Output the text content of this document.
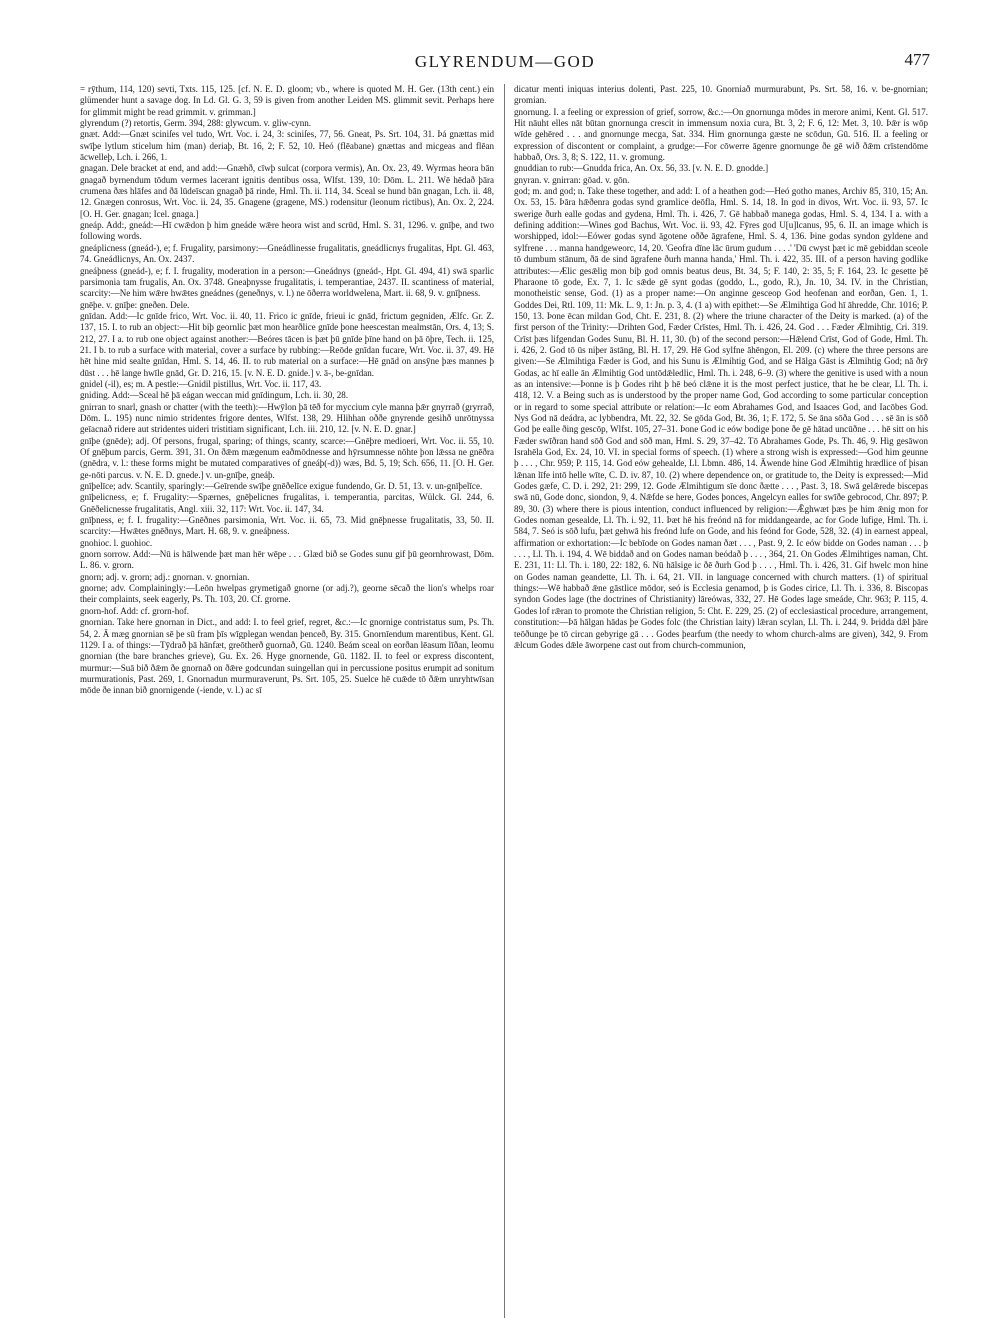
GLYRENDUM—GOD	477

= rȳthum, 114, 120) sevti, Txts. 115, 125. [cf. N. E. D. gloom; vb., where is quoted M. H. Ger. (13th cent.) ein glümender hunt a savage dog. In Ld. Gl. G. 3, 59 is given from another Leiden MS. glimmit sevit. Perhaps here for glimmit might be read grimmit. v. grimman.]

glyrendum (?) retortis, Germ. 394, 288: glywcum. v. gliw-cynn.

gnæt. Add:—Gnæt sciniſes vel tudo, Wrt. Voc. i. 24, 3: sciniſes, 77, 56. Gneat, Ps. Srt. 104, 31. Þá gnættas mid swīþe lytlum sticelum him (man) deriaþ, Bt. 16, 2; F. 52, 10. Heó (flēabane) gnættas and micgeas and flēan ācwelleþ, Lch. i. 266, 1.

gnagan. Dele bracket at end, and add:—Gnæhð, cīwþ sulcat (corpora vermis), An. Ox. 23, 49. Wyrmas heora bān gnagað byrnendum tōdum vermes lacerant ignitis dentibus ossa, Wlfst. 139, 10: Dōm. L. 211. Wē hēdað þāra crumena ðæs hlāfes and ðā lūdeīscan gnagað þā rinde, Hml. Th. ii. 114, 34. Sceal se hund bān gnagan, Lch. ii. 48, 12. Gnægen conrosus, Wrt. Voc. ii. 24, 35. Gnagene (gragene, MS.) rodensitur (leonum rictibus), An. Ox. 2, 224. [O. H. Ger. gnagan; Icel. gnaga.]

gneáp. Add:, gneád:—Hī cwǣdon þ him gneáde wǣre heora wist and scrūd, Hml. S. 31, 1296. v. gnīþe, and two following words.

gneáplicness (gneád-), e; f. Frugality, parsimony:—Gneádlinesse frugalitatis, gneádlicnys frugalitas, Hpt. Gl. 463, 74. Gneádlicnys, An. Ox. 2437.

gneáþness (gneád-), e; f. I. frugality, moderation in a person:—Gneádnys (gneád-, Hpt. Gl. 494, 41) swā sparlic parsimonia tam frugalis, An. Ox. 3748. Gneaþnysse frugalitatis, i. temperantiae, 2437. II. scantiness of material, scarcity:—Ne him wǣre hwǣtes gneádnes (geneðnys, v. l.) ne ōðerra worldwelena, Mart. ii. 68, 9. v. gnīþness.

gnēþe. v. gnīþe: gneðen. Dele.

gnīdan. Add:—Ic gnīde frico, Wrt. Voc. ii. 40, 11. Frico ic gnīde, frieui ic gnād, frictum gegniden, Ælfc. Gr. Z. 137, 15. I. to rub an object:—Hit biþ geornlic þæt mon hearðlice gnīde þone heescestan mealmstān, Ors. 4, 13; S. 212, 27. I a. to rub one object against another:—Beóres tācen is þæt þū gnīde þīne hand on þā ōþre, Tech. ii. 125, 21. I b. to rub a surface with material, cover a surface by rubbing:—Reōde gnīdan fucare, Wrt. Voc. ii. 37, 49. Hē hēt hine mid sealte gnīdan, Hml. S. 14, 46. II. to rub material on a surface:—Hē gnād on ansȳne þæs mannes þ dūst . . . hē lange hwīle gnād, Gr. D. 216, 15. [v. N. E. D. gnide.] v. ā-, be-gnīdan.

gnidel (-il), es; m. A pestle:—Gnidil pistillus, Wrt. Voc. ii. 117, 43.

gniding. Add:—Sceal hē þā eágan weccan mid gnīdingum, Lch. ii. 30, 28.

gnirran to snarl, gnash or chatter (with the teeth):—Hwȳlon þā tēð for myccium cyle manna þǣr gnyrrað (gryrrað, Dōm. L. 195) nunc nimio stridentes frigore dentes, Wlfst. 138, 29. Hlihhan oððe gnyrende gesihð unrōtnyssa geīacnað ridere aut stridentes uideri tristitiam significant, Lch. iii. 210, 12. [v. N. E. D. gnar.]

gnīþe (gnēde); adj. Of persons, frugal, sparing; of things, scanty, scarce:—Gnēþre medioeri, Wrt. Voc. ii. 55, 10. Of gnēþum parcis, Germ. 391, 31. On ðǣm mægenum eaðmōdnesse and hȳrsumnesse nōhte þon lǣssa ne gnēðra (gnēdra, v. l.: these forms might be mutated comparatives of gneáþ(-d)) wæs, Bd. 5, 19; Sch. 656, 11. [O. H. Ger. ge-nōti parcus. v. N. E. D. gnede.] v. un-gnīþe, gneáþ.

gnīþelīce; adv. Scantily, sparingly:—Geīrende swīþe gnēðelīce exigue fundendo, Gr. D. 51, 13. v. un-gnīþelīce.

gnīþelicness, e; f. Frugality:—Spærnes, gnēþelicnes frugalitas, i. temperantia, parcitas, Wülck. Gl. 244, 6. Gnēðelicnesse frugalitatis, Angl. xiii. 32, 117: Wrt. Voc. ii. 147, 34.

gnīþness, e; f. I. frugality:—Gnēðnes parsimonia, Wrt. Voc. ii. 65, 73. Mid gnēþnesse frugalitatis, 33, 50. II. scarcity:—Hwǣtes gnēðnys, Mart. H. 68, 9. v. gneáþness.

gnohioc. l. guohioc.

gnorn sorrow. Add:—Nū is hālwende þæt man hēr wēpe . . . Glæd bið se Godes sunu gif þū geornhrowast, Dōm. L. 86. v. grorn.

gnorn; adj. v. grorn; adj.: gnornan. v. gnornian.

gnorne; adv. Complainingly:—Leōn hwelpas grymetigað gnorne (or adj.?), georne sēcað the lion's whelps roar their complaints, seek eagerly, Ps. Th. 103, 20. Cf. grorne.

gnorn-hof. Add: cf. grorn-hof.

gnornian. Take here gnornan in Dict., and add: I. to feel grief, regret, &c.:—Ic gnornige contristatus sum, Ps. Th. 54, 2. Ā mæg gnornian sē þe sū fram þīs wīgplegan wendan þenceð, By. 315. Gnornīendum marentibus, Kent. Gl. 1129. I a. of things:—Tȳdrað þā hānfæt, greōtherð guornað, Gū. 1240. Beám sceal on eorðan lēasum līðan, leomu gnornian (the bare branches grieve), Gu. Ex. 26. Hyge gnornende, Gū. 1182. II. to feel or express discontent, murmur:—Suā bið ðǣm ðe gnornað on ðǣre godcundan suingellan qui in percussione positus erumpit ad sonitum murmurationis, Past. 269, 1. Gnornadun murmuraverunt, Ps. Srt. 105, 25. Suelce hē cuǣde tō ðǣm unryhtwīsan mōde ðe innan bið gnornigende (-iende, v. l.) ac sī

dicatur menti iniquas interius dolenti, Past. 225, 10. Gnorniað murmurabunt, Ps. Srt. 58, 16. v. be-gnornian; gromian.

gnornung. I. a feeling or expression of grief, sorrow, &c.:—On gnornunga mōdes in merore animi, Kent. Gl. 517. Hit nāuht elles nāt būtan gnornunga crescit in immensum noxia cura, Bt. 3, 2; F. 6, 12: Met. 3, 10. Þǣr is wōp wīde gehēred . . . and gnornunge mecga, Sat. 334. Him gnornunga gæste ne scōdun, Gū. 516. II. a feeling or expression of discontent or complaint, a grudge:—For cōwerre āgenre gnornunge ðe gē wið ðǣm crīstendōme habbað, Ors. 3, 8; S. 122, 11. v. gromung.

gnuddian to rub:—Gnudda frica, An. Ox. 56, 33. [v. N. E. D. gnodde.]

gnyran. v. gnirran: gōad. v. gōn.

god; m. and god; n. Take these together, and add: I. of a heathen god:—Heó gotho manes, Archiv 85, 310, 15; An. Ox. 53, 15. Þāra hǣðenra godas synd gramlice deōfla, Hml. S. 14, 18. In god in divos, Wrt. Voc. ii. 93, 57. Ic swerige ðurh ealle godas and gydena, Hml. Th. i. 426, 7. Gē habbað manega godas, Hml. S. 4, 134. I a. with a defining addition:—Wines god Bachus, Wrt. Voc. ii. 93, 42. Fȳres god U[u]lcanus, 95, 6. II. an image which is worshipped, idol:—Eówer godas synd āgotene oððe āgrafene, Hml. S. 4, 136. Þine godas syndon gyldene and sylfrene . . . manna handgeweorc, 14, 20. 'Geofra dīne lāc ūrum gudum . . . .' 'Dū cwyst þæt ic mē gebiddan sceole tō dumbum stānum, ðā de sind āgrafene ðurh manna handa,' Hml. Th. i. 422, 35. III. of a person having godlike attributes:—Ælic gesǣlig mon biþ god omnis beatus deus, Bt. 34, 5; F. 140, 2: 35, 5; F. 164, 23. Ic gesette þē Pharaone tō gode, Ex. 7, 1. Ic sǣde gē synt godas (goddo, L., godo, R.), Jn. 10, 34. IV. in the Christian, monotheistic sense, God. (1) as a proper name:—On anginne gesceop God heofenan and eorðan, Gen. 1, 1. Goddes Dei, Rtl. 109, 11: Mk. L. 9, 1: Jn. p. 3, 4. (1 a) with epithet:—Se Ælmihtiga God hī āhredde, Chr. 1016; P. 150, 13. Þone ēcan mildan God, Cht. E. 231, 8. (2) where the triune character of the Deity is marked. (a) of the first person of the Trinity:—Drihten God, Fæder Crīstes, Hml. Th. i. 426, 24. God . . . Fæder Ælmihtig, Cri. 319. Crīst þæs lifgendan Godes Sunu, Bl. H. 11, 30. (b) of the second person:—Hǣlend Crīst, God of Gode, Hml. Th. i. 426, 2. God tō ūs niþer āstāng, Bl. H. 17, 29. Hē God sylfne āhēngon, El. 209. (c) where the three persons are given:—Se Ælmihtiga Fæder is God, and his Sunu is Ælmihtig God, and se Hālga Gāst is Ælmihtig God; nā ðrȳ Godas, ac hī ealle ān Ælmihtig God untōdǣledlic, Hml. Th. i. 248, 6–9. (3) where the genitive is used with a noun as an intensive:—Þonne is þ Godes riht þ hē beó clǣne it is the most perfect justice, that he be clear, Ll. Th. i. 418, 12. V. a Being such as is understood by the proper name God, God according to some particular conception or in regard to some special attribute or relation:—Ic eom Abrahames God, and Isaaces God, and Iacōbes God. Nys God nā deádra, ac lybbendra, Mt. 22, 32. Se gōda God, Bt. 36, 1; F. 172, 5. Se āna sōða God . . . sē ān is sōð God þe ealle ðing gescōp, Wlfst. 105, 27–31. Þone God ic eów bodige þone ðe gē hātad uncūðne . . . hē sitt on his Fæder swīðran hand sōð God and sōð man, Hml. S. 29, 37–42. Tō Abrahames Gode, Ps. Th. 46, 9. Hig gesāwon Israhēla God, Ex. 24, 10. VI. in special forms of speech. (1) where a strong wish is expressed:—God him geunne þ . . . , Chr. 959; P. 115, 14. God eów gehealde, Ll. Lbmn. 486, 14. Āwende hine God Ælmihtig hrædlice of þisan lǣnan līfe intō helle wīte, C. D. iv. 87, 10. (2) where dependence on, or gratitude to, the Deity is expressed:—Mid Godes gæfe, C. D. i. 292, 21: 299, 12. Gode Ælmihtigum sīe donc ðætte . . . , Past. 3, 18. Swā gelǣrede biscepas swā nū, Gode donc, siondon, 9, 4. Nǣfde se here, Godes þonces, Angelcyn ealles for swīðe gebrocod, Chr. 897; P. 89, 30. (3) where there is pious intention, conduct influenced by religion:—Ǣghwæt þæs þe him ǣnig mon for Godes noman gesealde, Ll. Th. i. 92, 11. Þæt hē his freónd nā for middangearde, ac for Gode lufige, Hml. Th. i. 584, 7. Seó is sōð lufu, þæt gehwā his freónd lufe on Gode, and his feónd for Gode, 528, 32. (4) in earnest appeal, affirmation or exhortation:—Ic bebīode on Godes naman ðæt . . . , Past. 9, 2. Ic eów bidde on Godes naman . . . þ . . . , Ll. Th. i. 194, 4. Wē biddað and on Godes naman beódað þ . . . , 364, 21. On Godes Ælmihtiges naman, Cht. E. 231, 11: Ll. Th. i. 180, 22: 182, 6. Nū hālsige ic ðē ðurh God þ . . . , Hml. Th. i. 426, 31. Gif hwelc mon hine on Godes naman geandette, Ll. Th. i. 64, 21. VII. in language concerned with church matters. (1) of spiritual things:—Wē habbað ǣne gāstlice mōdor, seó is Ecclesia genamod, þ is Godes cirice, Ll. Th. i. 336, 8. Biscopas syndon Godes lage (the doctrines of Christianity) lāreówas, 332, 27. Hē Godes lage smeáde, Chr. 963; P. 115, 4. Godes lof rǣran to promote the Christian religion, 5: Cht. E. 229, 25. (2) of ecclesiastical procedure, arrangement, constitution:—Þā hālgan hādas þe Godes folc (the Christian laity) lǣran scylan, Ll. Th. i. 244, 9. Þridda dǣl þāre teōðunge þe tō circan gebyrige gā . . . Godes þearfum (the needy to whom church-alms are given), 342, 9. From ǣlcum Godes dǣle āworpene cast out from church-communion,
